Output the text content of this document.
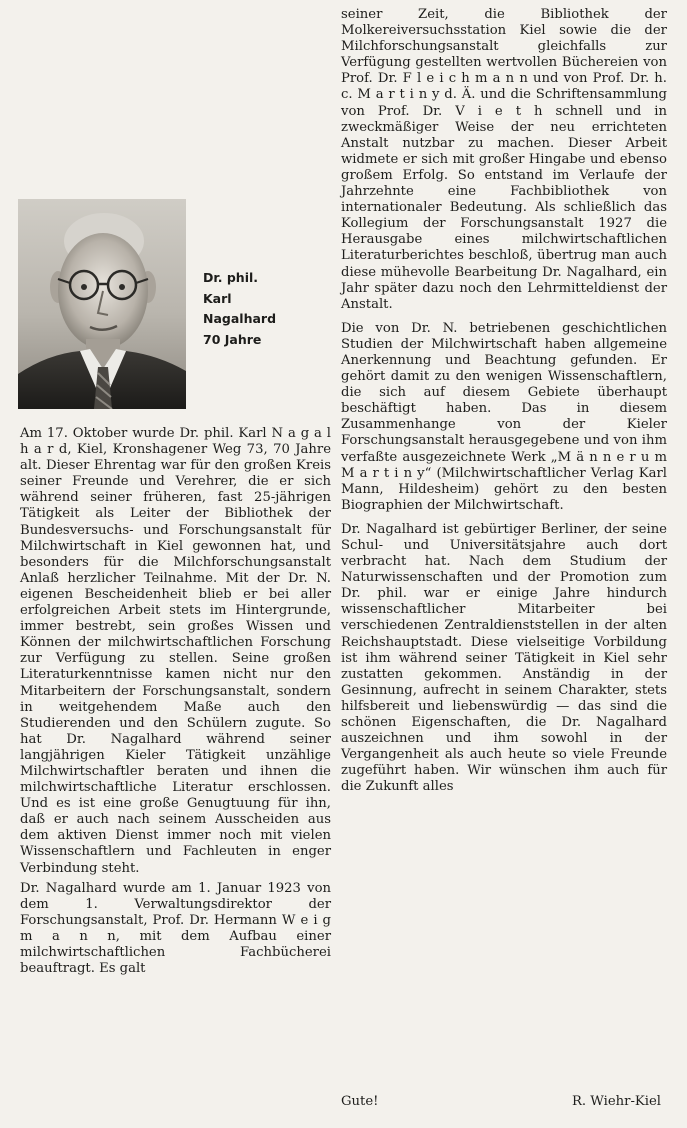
Dr. phil.
Karl
Nagalhard
70 Jahre

Am 17. Oktober wurde Dr. phil. Karl N a g a l h a r d, Kiel, Kronshagener Weg 73, 70 Jahre alt. Dieser Ehrentag war für den großen Kreis seiner Freunde und Verehrer, die er sich während seiner früheren, fast 25-jährigen Tätigkeit als Leiter der Bibliothek der Bundesversuchs- und Forschungsanstalt für Milchwirtschaft in Kiel gewonnen hat, und besonders für die Milchforschungsanstalt Anlaß herzlicher Teilnahme. Mit der Dr. N. eigenen Bescheidenheit blieb er bei aller erfolgreichen Arbeit stets im Hintergrunde, immer bestrebt, sein großes Wissen und Können der milchwirtschaftlichen Forschung zur Verfügung zu stellen. Seine großen Literaturkenntnisse kamen nicht nur den Mitarbeitern der Forschungsanstalt, sondern in weitgehendem Maße auch den Studierenden und den Schülern zugute. So hat Dr. Nagalhard während seiner langjährigen Kieler Tätigkeit unzählige Milchwirtschaftler beraten und ihnen die milchwirtschaftliche Literatur erschlossen. Und es ist eine große Genugtuung für ihn, daß er auch nach seinem Ausscheiden aus dem aktiven Dienst immer noch mit vielen Wissenschaftlern und Fachleuten in enger Verbindung steht.

Dr. Nagalhard wurde am 1. Januar 1923 von dem 1. Verwaltungsdirektor der Forschungsanstalt, Prof. Dr. Hermann W e i g m a n n, mit dem Aufbau einer milchwirtschaftlichen Fachbücherei beauftragt. Es galt

seiner Zeit, die Bibliothek der Molkereiversuchsstation Kiel sowie die der Milchforschungsanstalt gleichfalls zur Verfügung gestellten wertvollen Büchereien von Prof. Dr. F l e i c h m a n n und von Prof. Dr. h. c. M a r t i n y d. Ä. und die Schriftensammlung von Prof. Dr. V i e t h schnell und in zweckmäßiger Weise der neu errichteten Anstalt nutzbar zu machen. Dieser Arbeit widmete er sich mit großer Hingabe und ebenso großem Erfolg. So entstand im Verlaufe der Jahrzehnte eine Fachbibliothek von internationaler Bedeutung. Als schließlich das Kollegium der Forschungsanstalt 1927 die Herausgabe eines milchwirtschaftlichen Literaturberichtes beschloß, übertrug man auch diese mühevolle Bearbeitung Dr. Nagalhard, ein Jahr später dazu noch den Lehrmitteldienst der Anstalt.

Die von Dr. N. betriebenen geschichtlichen Studien der Milchwirtschaft haben allgemeine Anerkennung und Beachtung gefunden. Er gehört damit zu den wenigen Wissenschaftlern, die sich auf diesem Gebiete überhaupt beschäftigt haben. Das in diesem Zusammenhange von der Kieler Forschungsanstalt herausgegebene und von ihm verfaßte ausgezeichnete Werk „M ä n n e r u m M a r t i n y“ (Milchwirtschaftlicher Verlag Karl Mann, Hildesheim) gehört zu den besten Biographien der Milchwirtschaft.

Dr. Nagalhard ist gebürtiger Berliner, der seine Schul- und Universitätsjahre auch dort verbracht hat. Nach dem Studium der Naturwissenschaften und der Promotion zum Dr. phil. war er einige Jahre hindurch wissenschaftlicher Mitarbeiter bei verschiedenen Zentraldienststellen in der alten Reichshauptstadt. Diese vielseitige Vorbildung ist ihm während seiner Tätigkeit in Kiel sehr zustatten gekommen. Anständig in der Gesinnung, aufrecht in seinem Charakter, stets hilfsbereit und liebenswürdig — das sind die schönen Eigenschaften, die Dr. Nagalhard auszeichnen und ihm sowohl in der Vergangenheit als auch heute so viele Freunde zugeführt haben. Wir wünschen ihm auch für die Zukunft alles

Gute!	R. Wiehr-Kiel
